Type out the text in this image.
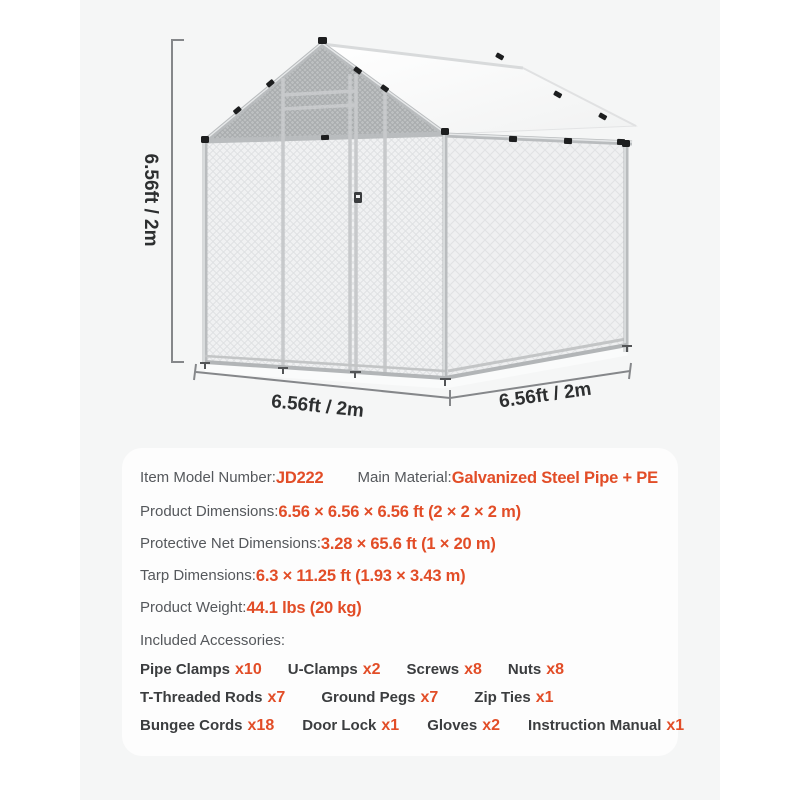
6.56ft / 2m
6.56ft / 2m	6.56ft / 2m
Item Model Number: JD222 Main Material: Galvanized Steel Pipe + PE
Product Dimensions: 6.56 × 6.56 × 6.56 ft (2 × 2 × 2 m)
Protective Net Dimensions: 3.28 × 65.6 ft (1 × 20 m)
Tarp Dimensions: 6.3 × 11.25 ft (1.93 × 3.43 m)
Product Weight: 44.1 lbs (20 kg)
Included Accessories:
Pipe Clamps x10 U-Clamps x2 Screws x8 Nuts x8
T-Threaded Rods x7 Ground Pegs x7 Zip Ties x1
Bungee Cords x18 Door Lock x1 Gloves x2 Instruction Manual x1
